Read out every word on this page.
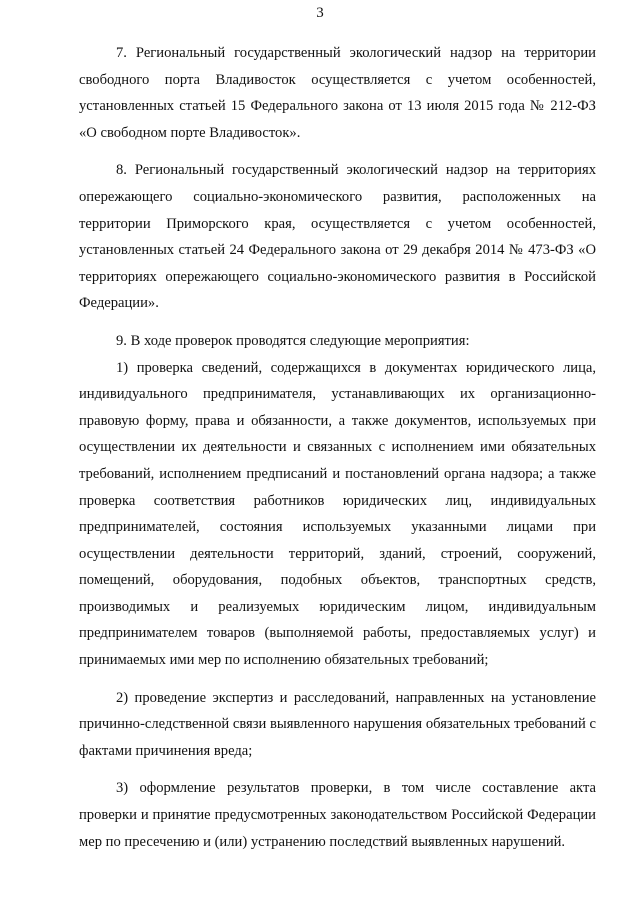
3

7. Региональный государственный экологический надзор на территории свободного порта Владивосток осуществляется с учетом особенностей, установленных статьей 15 Федерального закона от 13 июля 2015 года № 212-ФЗ «О свободном порте Владивосток».

8. Региональный государственный экологический надзор на территориях опережающего социально-экономического развития, расположенных на территории Приморского края, осуществляется с учетом особенностей, установленных статьей 24 Федерального закона от 29 декабря 2014 № 473-ФЗ «О территориях опережающего социально-экономического развития в Российской Федерации».

9. В ходе проверок проводятся следующие мероприятия:

1) проверка сведений, содержащихся в документах юридического лица, индивидуального предпринимателя, устанавливающих их организационно-правовую форму, права и обязанности, а также документов, используемых при осуществлении их деятельности и связанных с исполнением ими обязательных требований, исполнением предписаний и постановлений органа надзора; а также проверка соответствия работников юридических лиц, индивидуальных предпринимателей, состояния используемых указанными лицами при осуществлении деятельности территорий, зданий, строений, сооружений, помещений, оборудования, подобных объектов, транспортных средств, производимых и реализуемых юридическим лицом, индивидуальным предпринимателем товаров (выполняемой работы, предоставляемых услуг) и принимаемых ими мер по исполнению обязательных требований;

2) проведение экспертиз и расследований, направленных на установление причинно-следственной связи выявленного нарушения обязательных требований с фактами причинения вреда;

3) оформление результатов проверки, в том числе составление акта проверки и принятие предусмотренных законодательством Российской Федерации мер по пресечению и (или) устранению последствий выявленных нарушений.
